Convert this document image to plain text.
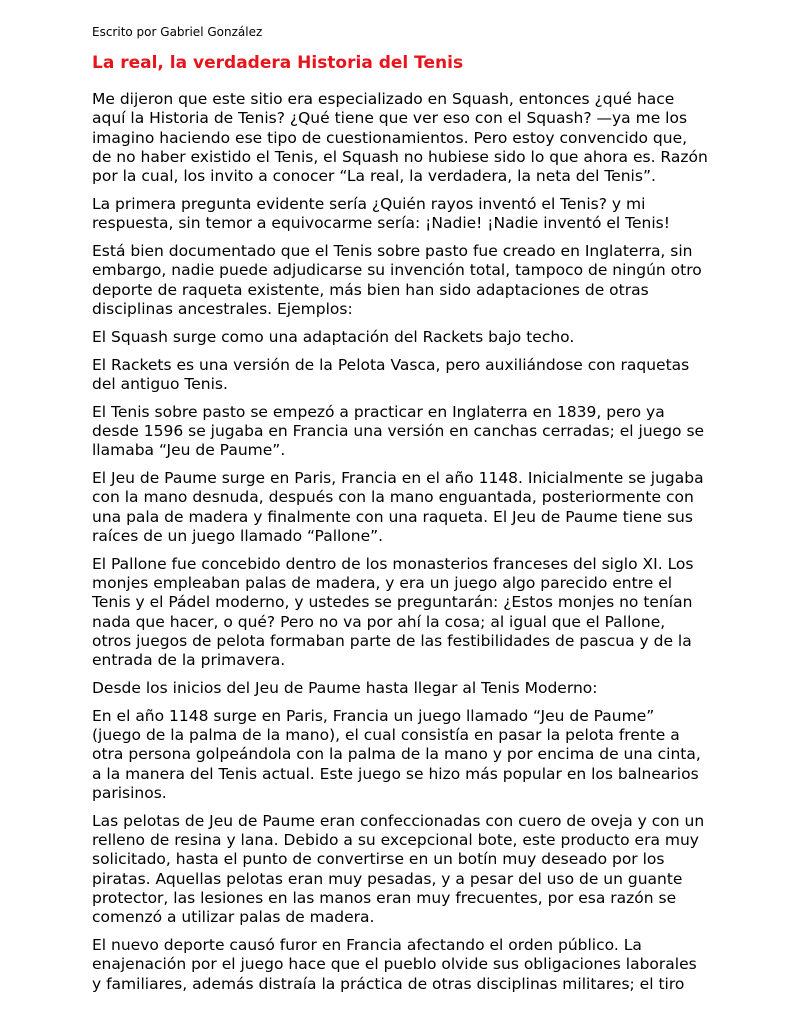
Escrito por Gabriel González
La real, la verdadera Historia del Tenis

Me dijeron que este sitio era especializado en Squash, entonces ¿qué hace aquí la Historia de Tenis? ¿Qué tiene que ver eso con el Squash? —ya me los imagino haciendo ese tipo de cuestionamientos. Pero estoy convencido que, de no haber existido el Tenis, el Squash no hubiese sido lo que ahora es. Razón por la cual, los invito a conocer “La real, la verdadera, la neta del Tenis”.

La primera pregunta evidente sería ¿Quién rayos inventó el Tenis? y mi respuesta, sin temor a equivocarme sería: ¡Nadie! ¡Nadie inventó el Tenis!

Está bien documentado que el Tenis sobre pasto fue creado en Inglaterra, sin embargo, nadie puede adjudicarse su invención total, tampoco de ningún otro deporte de raqueta existente, más bien han sido adaptaciones de otras disciplinas ancestrales. Ejemplos:

El Squash surge como una adaptación del Rackets bajo techo.

El Rackets es una versión de la Pelota Vasca, pero auxiliándose con raquetas del antiguo Tenis.

El Tenis sobre pasto se empezó a practicar en Inglaterra en 1839, pero ya desde 1596 se jugaba en Francia una versión en canchas cerradas; el juego se llamaba “Jeu de Paume”.

El Jeu de Paume surge en Paris, Francia en el año 1148. Inicialmente se jugaba con la mano desnuda, después con la mano enguantada, posteriormente con una pala de madera y finalmente con una raqueta. El Jeu de Paume tiene sus raíces de un juego llamado “Pallone”.

El Pallone fue concebido dentro de los monasterios franceses del siglo XI. Los monjes empleaban palas de madera, y era un juego algo parecido entre el Tenis y el Pádel moderno, y ustedes se preguntarán: ¿Estos monjes no tenían nada que hacer, o qué? Pero no va por ahí la cosa; al igual que el Pallone, otros juegos de pelota formaban parte de las festibilidades de pascua y de la entrada de la primavera.

Desde los inicios del Jeu de Paume hasta llegar al Tenis Moderno:

En el año 1148 surge en Paris, Francia un juego llamado “Jeu de Paume” (juego de la palma de la mano), el cual consistía en pasar la pelota frente a otra persona golpeándola con la palma de la mano y por encima de una cinta, a la manera del Tenis actual. Este juego se hizo más popular en los balnearios parisinos.

Las pelotas de Jeu de Paume eran confeccionadas con cuero de oveja y con un relleno de resina y lana. Debido a su excepcional bote, este producto era muy solicitado, hasta el punto de convertirse en un botín muy deseado por los piratas. Aquellas pelotas eran muy pesadas, y a pesar del uso de un guante protector, las lesiones en las manos eran muy frecuentes, por esa razón se comenzó a utilizar palas de madera.

El nuevo deporte causó furor en Francia afectando el orden público. La enajenación por el juego hace que el pueblo olvide sus obligaciones laborales y familiares, además distraía la práctica de otras disciplinas militares; el tiro
